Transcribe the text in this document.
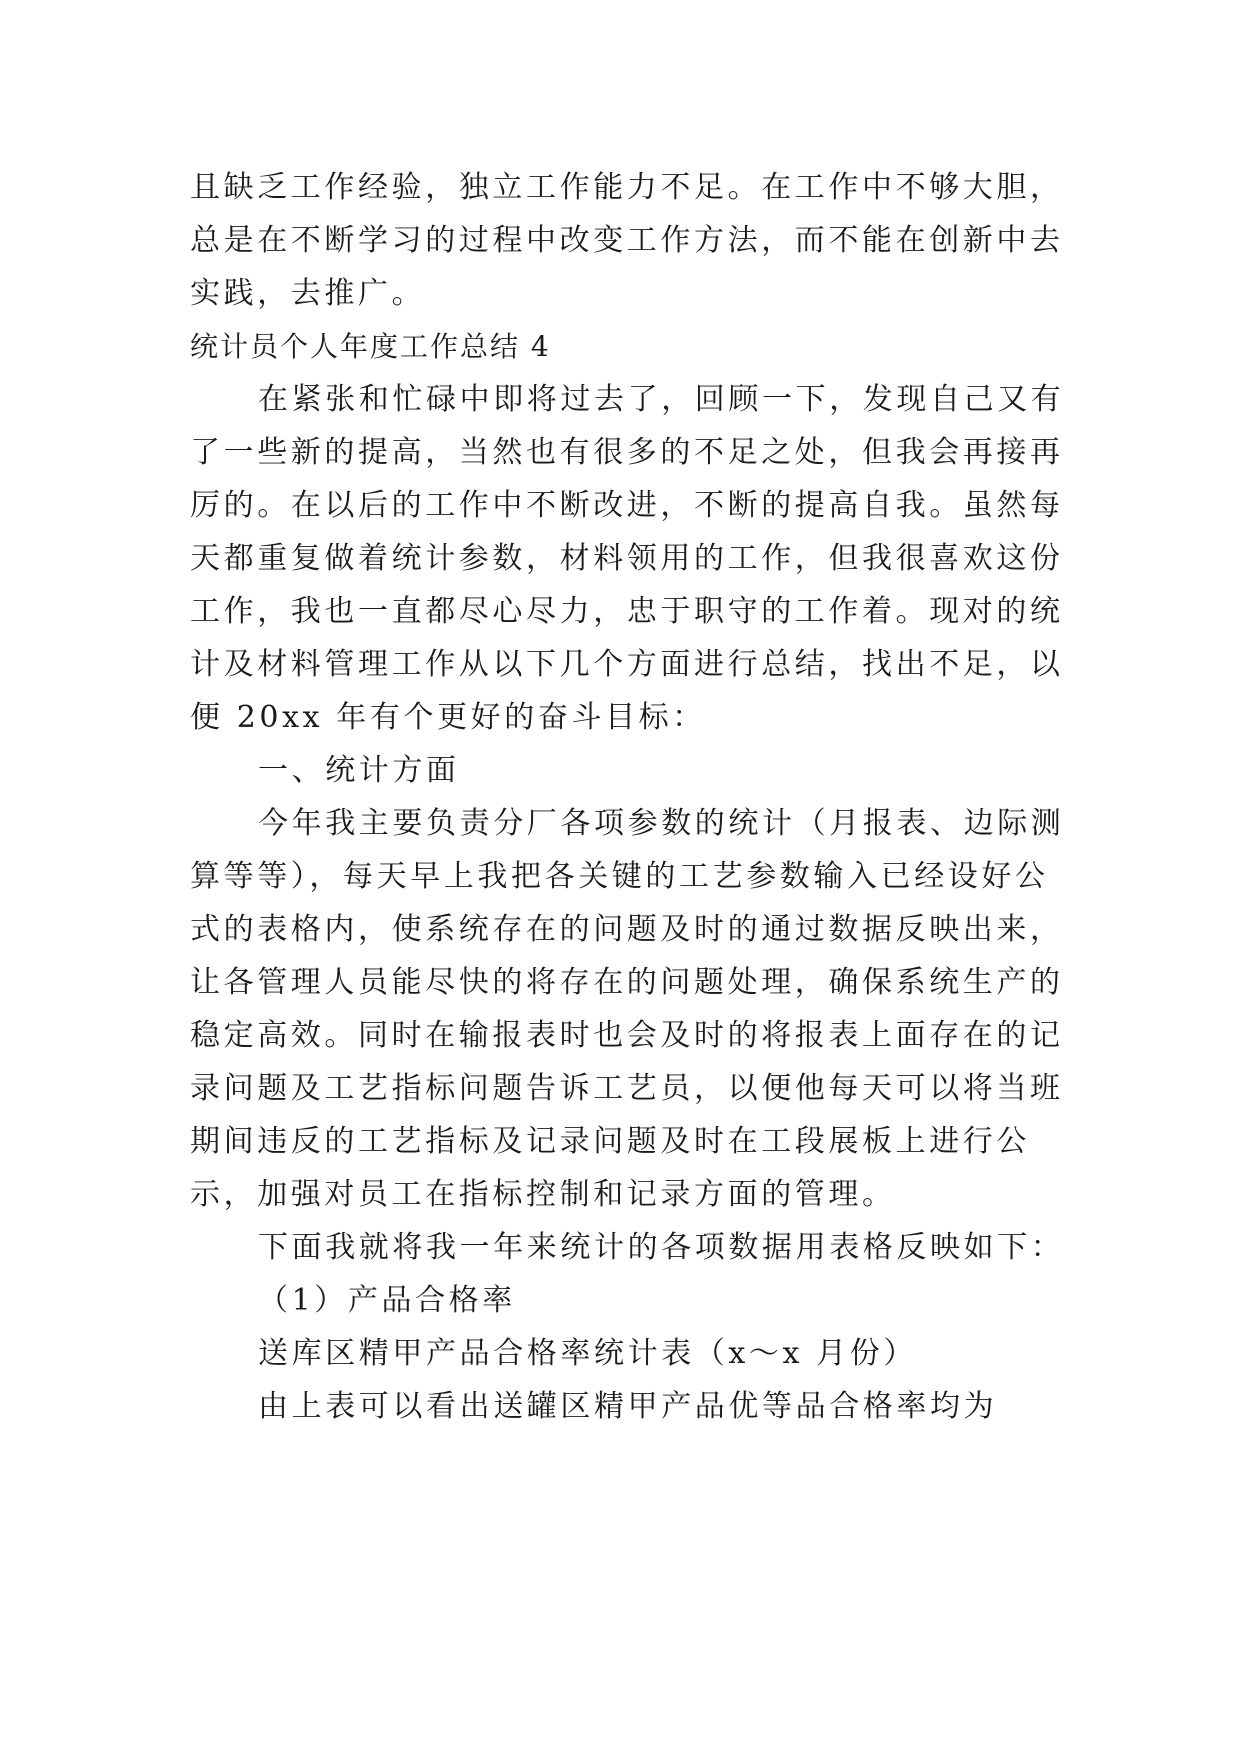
且缺乏工作经验，独立工作能力不足。在工作中不够大胆，
总是在不断学习的过程中改变工作方法，而不能在创新中去
实践，去推广。
统计员个人年度工作总结 4
在紧张和忙碌中即将过去了，回顾一下，发现自己又有
了一些新的提高，当然也有很多的不足之处，但我会再接再
厉的。在以后的工作中不断改进，不断的提高自我。虽然每
天都重复做着统计参数，材料领用的工作，但我很喜欢这份
工作，我也一直都尽心尽力，忠于职守的工作着。现对的统
计及材料管理工作从以下几个方面进行总结，找出不足，以
便 20xx 年有个更好的奋斗目标：
一、统计方面
今年我主要负责分厂各项参数的统计（月报表、边际测
算等等），每天早上我把各关键的工艺参数输入已经设好公
式的表格内，使系统存在的问题及时的通过数据反映出来，
让各管理人员能尽快的将存在的问题处理，确保系统生产的
稳定高效。同时在输报表时也会及时的将报表上面存在的记
录问题及工艺指标问题告诉工艺员，以便他每天可以将当班
期间违反的工艺指标及记录问题及时在工段展板上进行公
示，加强对员工在指标控制和记录方面的管理。
下面我就将我一年来统计的各项数据用表格反映如下：
（1）产品合格率
送库区精甲产品合格率统计表（x～x 月份）
由上表可以看出送罐区精甲产品优等品合格率均为
